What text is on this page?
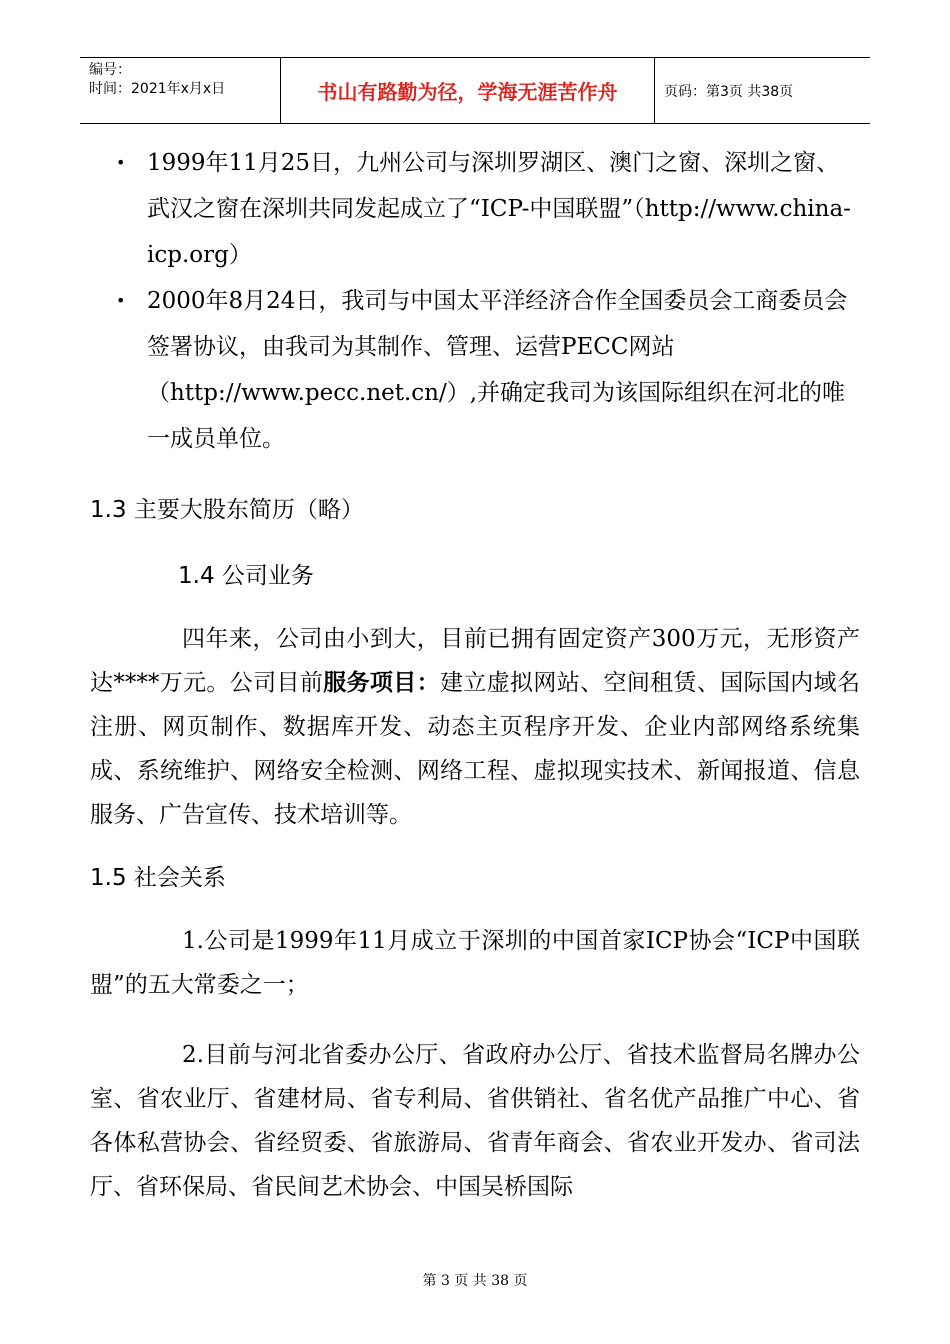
编号：
时间：2021年x月x日	书山有路勤为径，学海无涯苦作舟	页码：第3页 共38页
• 1999年11月25日，九州公司与深圳罗湖区、澳门之窗、深圳之窗、武汉之窗在深圳共同发起成立了“ICP-中国联盟”（http://www.china-icp.org）
• 2000年8月24日，我司与中国太平洋经济合作全国委员会工商委员会签署协议，由我司为其制作、管理、运营PECC网站（http://www.pecc.net.cn/）,并确定我司为该国际组织在河北的唯一成员单位。
1.3 主要大股东简历（略）
1.4 公司业务
四年来，公司由小到大，目前已拥有固定资产300万元，无形资产达****万元。公司目前服务项目：建立虚拟网站、空间租赁、国际国内域名注册、网页制作、数据库开发、动态主页程序开发、企业内部网络系统集成、系统维护、网络安全检测、网络工程、虚拟现实技术、新闻报道、信息服务、广告宣传、技术培训等。
1.5 社会关系
1.公司是1999年11月成立于深圳的中国首家ICP协会“ICP中国联盟”的五大常委之一；
2.目前与河北省委办公厅、省政府办公厅、省技术监督局名牌办公室、省农业厅、省建材局、省专利局、省供销社、省名优产品推广中心、省各体私营协会、省经贸委、省旅游局、省青年商会、省农业开发办、省司法厅、省环保局、省民间艺术协会、中国吴桥国际
第 3 页 共 38 页
